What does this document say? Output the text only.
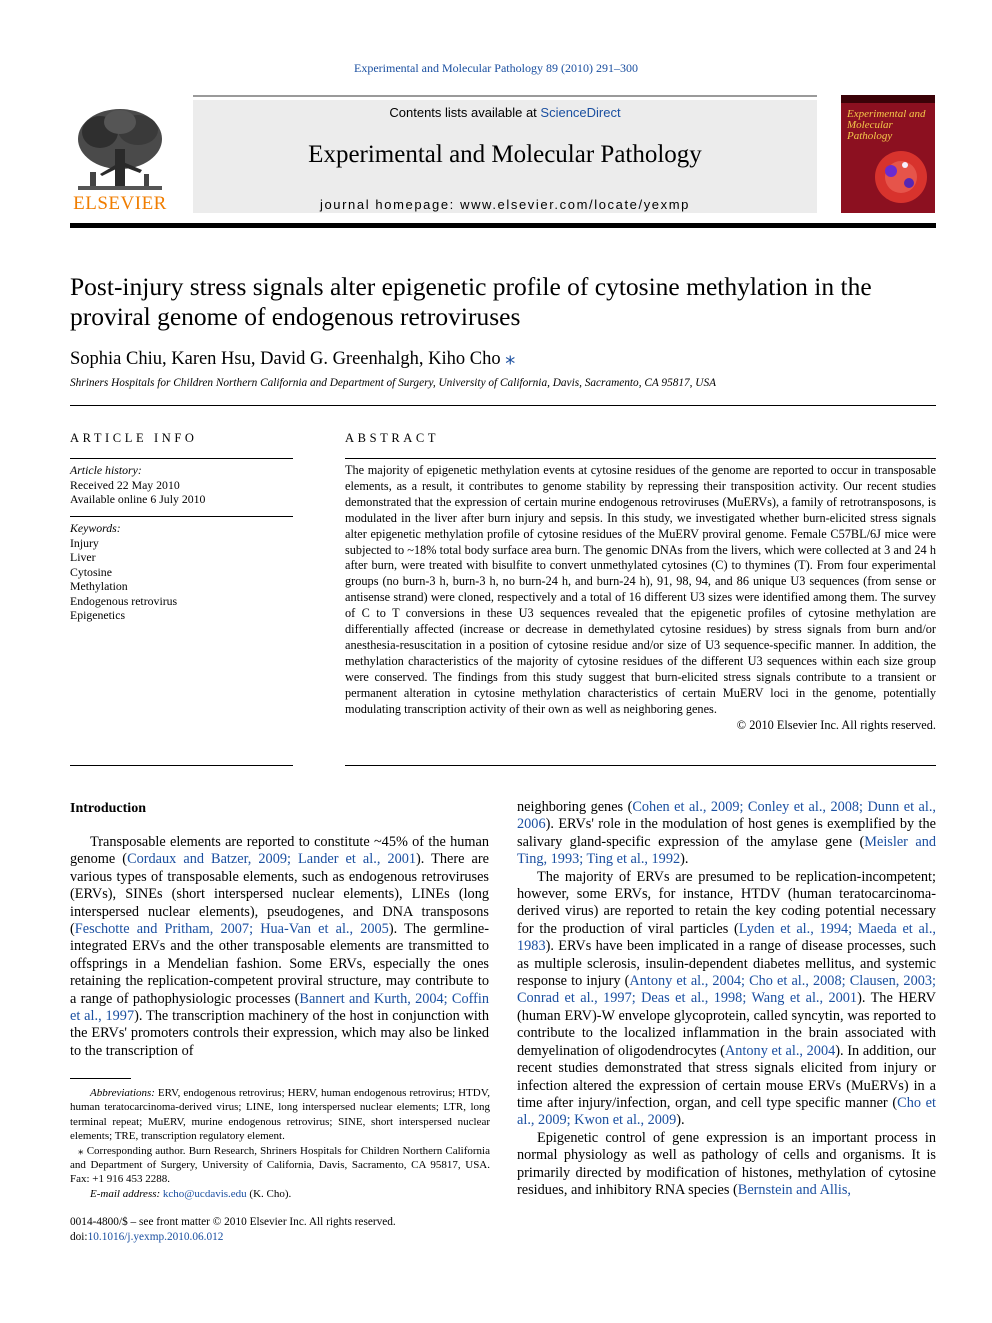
Experimental and Molecular Pathology 89 (2010) 291–300
Contents lists available at ScienceDirect
Experimental and Molecular Pathology
journal homepage: www.elsevier.com/locate/yexmp
ELSEVIER
Experimental and Molecular Pathology
Post-injury stress signals alter epigenetic profile of cytosine methylation in the proviral genome of endogenous retroviruses
Sophia Chiu, Karen Hsu, David G. Greenhalgh, Kiho Cho ⁎
Shriners Hospitals for Children Northern California and Department of Surgery, University of California, Davis, Sacramento, CA 95817, USA
ARTICLE INFO
Article history:
Received 22 May 2010
Available online 6 July 2010
Keywords:
Injury
Liver
Cytosine
Methylation
Endogenous retrovirus
Epigenetics
ABSTRACT
The majority of epigenetic methylation events at cytosine residues of the genome are reported to occur in transposable elements, as a result, it contributes to genome stability by repressing their transposition activity. Our recent studies demonstrated that the expression of certain murine endogenous retroviruses (MuERVs), a family of retrotransposons, is modulated in the liver after burn injury and sepsis. In this study, we investigated whether burn-elicited stress signals alter epigenetic methylation profile of cytosine residues of the MuERV proviral genome. Female C57BL/6J mice were subjected to ~18% total body surface area burn. The genomic DNAs from the livers, which were collected at 3 and 24 h after burn, were treated with bisulfite to convert unmethylated cytosines (C) to thymines (T). From four experimental groups (no burn-3 h, burn-3 h, no burn-24 h, and burn-24 h), 91, 98, 94, and 86 unique U3 sequences (from sense or antisense strand) were cloned, respectively and a total of 16 different U3 sizes were identified among them. The survey of C to T conversions in these U3 sequences revealed that the epigenetic profiles of cytosine methylation are differentially affected (increase or decrease in demethylated cytosine residues) by stress signals from burn and/or anesthesia-resuscitation in a position of cytosine residue and/or size of U3 sequence-specific manner. In addition, the methylation characteristics of the majority of cytosine residues of the different U3 sequences within each size group were conserved. The findings from this study suggest that burn-elicited stress signals contribute to a transient or permanent alteration in cytosine methylation characteristics of certain MuERV loci in the genome, potentially modulating transcription activity of their own as well as neighboring genes.
© 2010 Elsevier Inc. All rights reserved.
Introduction

Transposable elements are reported to constitute ~45% of the human genome (Cordaux and Batzer, 2009; Lander et al., 2001). There are various types of transposable elements, such as endogenous retroviruses (ERVs), SINEs (short interspersed nuclear elements), LINEs (long interspersed nuclear elements), pseudogenes, and DNA transposons (Feschotte and Pritham, 2007; Hua-Van et al., 2005). The germline-integrated ERVs and the other transposable elements are transmitted to offsprings in a Mendelian fashion. Some ERVs, especially the ones retaining the replication-competent proviral structure, may contribute to a range of pathophysiologic processes (Bannert and Kurth, 2004; Coffin et al., 1997). The transcription machinery of the host in conjunction with the ERVs' promoters controls their expression, which may also be linked to the transcription of

neighboring genes (Cohen et al., 2009; Conley et al., 2008; Dunn et al., 2006). ERVs' role in the modulation of host genes is exemplified by the salivary gland-specific expression of the amylase gene (Meisler and Ting, 1993; Ting et al., 1992).

The majority of ERVs are presumed to be replication-incompetent; however, some ERVs, for instance, HTDV (human teratocarcinoma-derived virus) are reported to retain the key coding potential necessary for the production of viral particles (Lyden et al., 1994; Maeda et al., 1983). ERVs have been implicated in a range of disease processes, such as multiple sclerosis, insulin-dependent diabetes mellitus, and systemic response to injury (Antony et al., 2004; Cho et al., 2008; Clausen, 2003; Conrad et al., 1997; Deas et al., 1998; Wang et al., 2001). The HERV (human ERV)-W envelope glycoprotein, called syncytin, was reported to contribute to the localized inflammation in the brain associated with demyelination of oligodendrocytes (Antony et al., 2004). In addition, our recent studies demonstrated that stress signals elicited from injury or infection altered the expression of certain mouse ERVs (MuERVs) in a time after injury/infection, organ, and cell type specific manner (Cho et al., 2009; Kwon et al., 2009).

Epigenetic control of gene expression is an important process in normal physiology as well as pathology of cells and organisms. It is primarily directed by modification of histones, methylation of cytosine residues, and inhibitory RNA species (Bernstein and Allis,

Abbreviations: ERV, endogenous retrovirus; HERV, human endogenous retrovirus; HTDV, human teratocarcinoma-derived virus; LINE, long interspersed nuclear elements; LTR, long terminal repeat; MuERV, murine endogenous retrovirus; SINE, short interspersed nuclear elements; TRE, transcription regulatory element.

⁎ Corresponding author. Burn Research, Shriners Hospitals for Children Northern California and Department of Surgery, University of California, Davis, Sacramento, CA 95817, USA. Fax: +1 916 453 2288.

E-mail address: kcho@ucdavis.edu (K. Cho).

0014-4800/$ – see front matter © 2010 Elsevier Inc. All rights reserved.
doi:10.1016/j.yexmp.2010.06.012
